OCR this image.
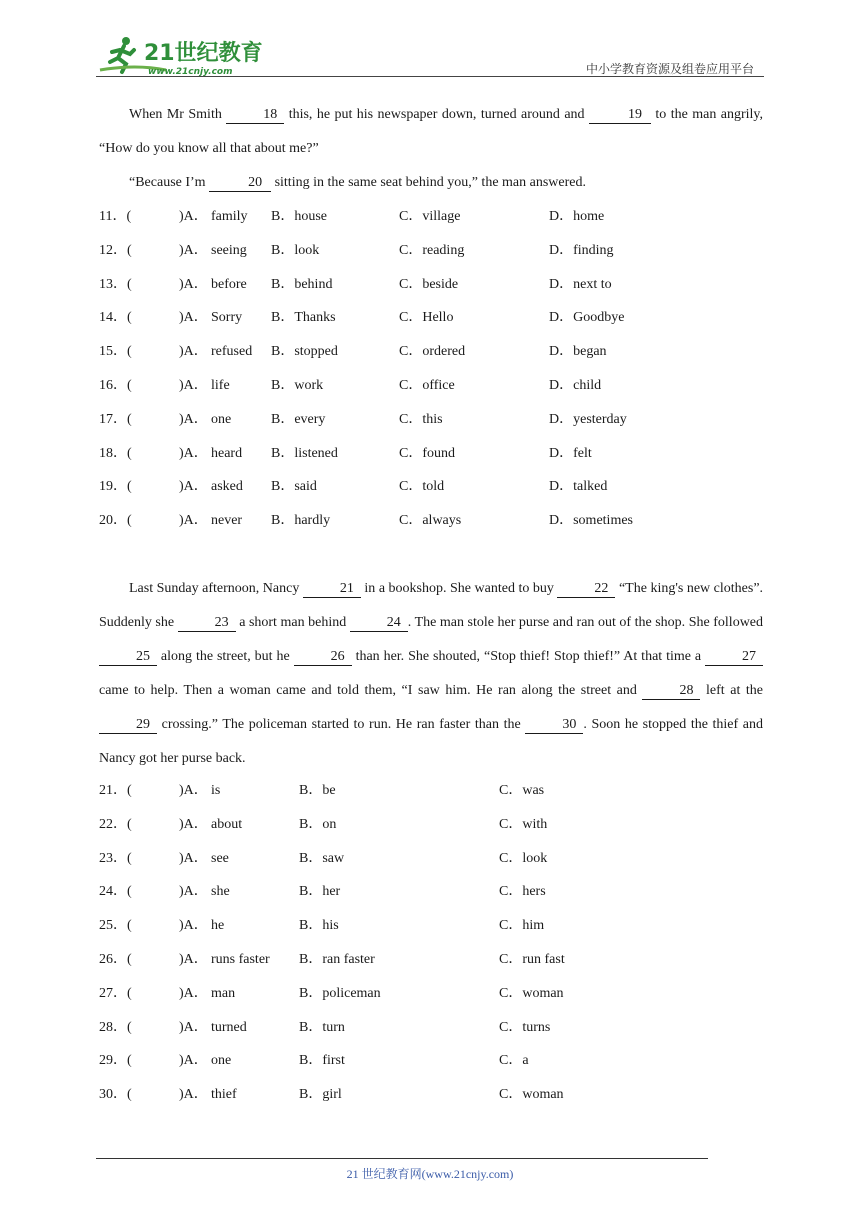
21世纪教育
www.21cnjy.com	中小学教育资源及组卷应用平台

When Mr Smith	18 this, he put his newspaper down, turned around and	19 to the man angrily, “How do you know all that about me?”

“Because I’m	20 sitting in the same seat behind you,” the man answered.

11．(	)A． family B．house	C．village	D．home
12．(	)A． seeing B．look	C．reading	D．finding
13．(	)A． before B．behind	C．beside	D．next to
14．(	)A． Sorry B．Thanks	C．Hello	D．Goodbye
15．(	)A． refused B．stopped	C．ordered	D．began
16．(	)A． life	B．work	C．office	D．child
17．(	)A． one	B．every	C．this	D．yesterday
18．(	)A． heard B．listened	C．found	D．felt
19．(	)A． asked B．said	C．told	D．talked
20．(	)A． never B．hardly	C．always	D．sometimes

Last Sunday afternoon, Nancy	21 in a bookshop. She wanted to buy	22 “The king's new clothes”. Suddenly she	23 a short man behind	24 . The man stole her purse and ran out of the shop. She followed 25 along the street, but he	26 than her. She shouted, “Stop thief! Stop thief!” At that time a	27 came to help. Then a woman came and told them, “I saw him. He ran along the street and	28 left at the 29 crossing.” The policeman started to run. He ran faster than the	30 . Soon he stopped the thief and Nancy got her purse back.

21．(	)A． is	B．be	C．was
22．(	)A． about	B．on	C．with
23．(	)A． see	B．saw	C．look
24．(	)A． she	B．her	C．hers
25．(	)A． he	B．his	C．him
26．(	)A． runs faster B．ran faster	C．run fast
27．(	)A． man	B．policeman	C．woman
28．(	)A． turned	B．turn	C．turns
29．(	)A． one	B．first	C．a
30．(	)A． thief	B．girl	C．woman
21 世纪教育网(www.21cnjy.com)
